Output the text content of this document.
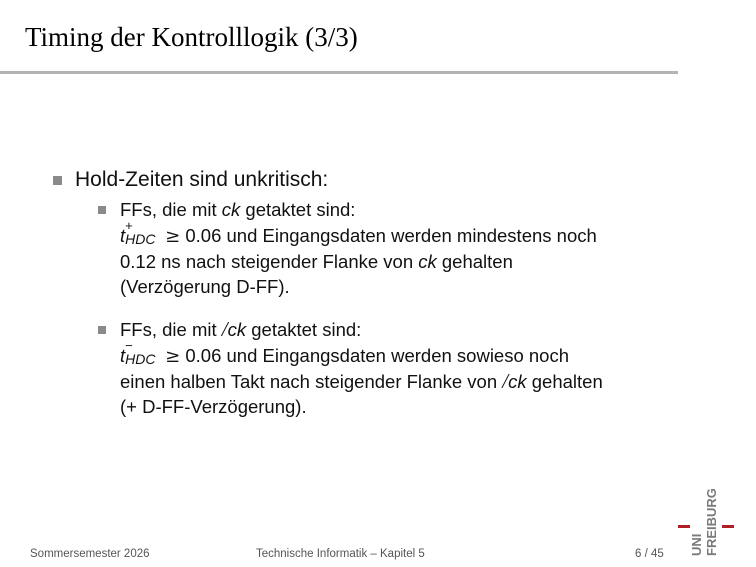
Timing der Kontrolllogik (3/3)
Hold-Zeiten sind unkritisch:

FFs, die mit ck getaktet sind:

t +
HDC ≥ 0.06 und Eingangsdaten werden mindestens noch

0.12 ns nach steigender Flanke von ck gehalten

(Verzögerung D-FF).

FFs, die mit /ck getaktet sind:

t −
HDC ≥ 0.06 und Eingangsdaten werden sowieso noch

einen halben Takt nach steigender Flanke von /ck gehalten

(+ D-FF-Verzögerung).

Sommersemester 2026	Technische Informatik – Kapitel 5	6 / 45 UNI FREIBURG
